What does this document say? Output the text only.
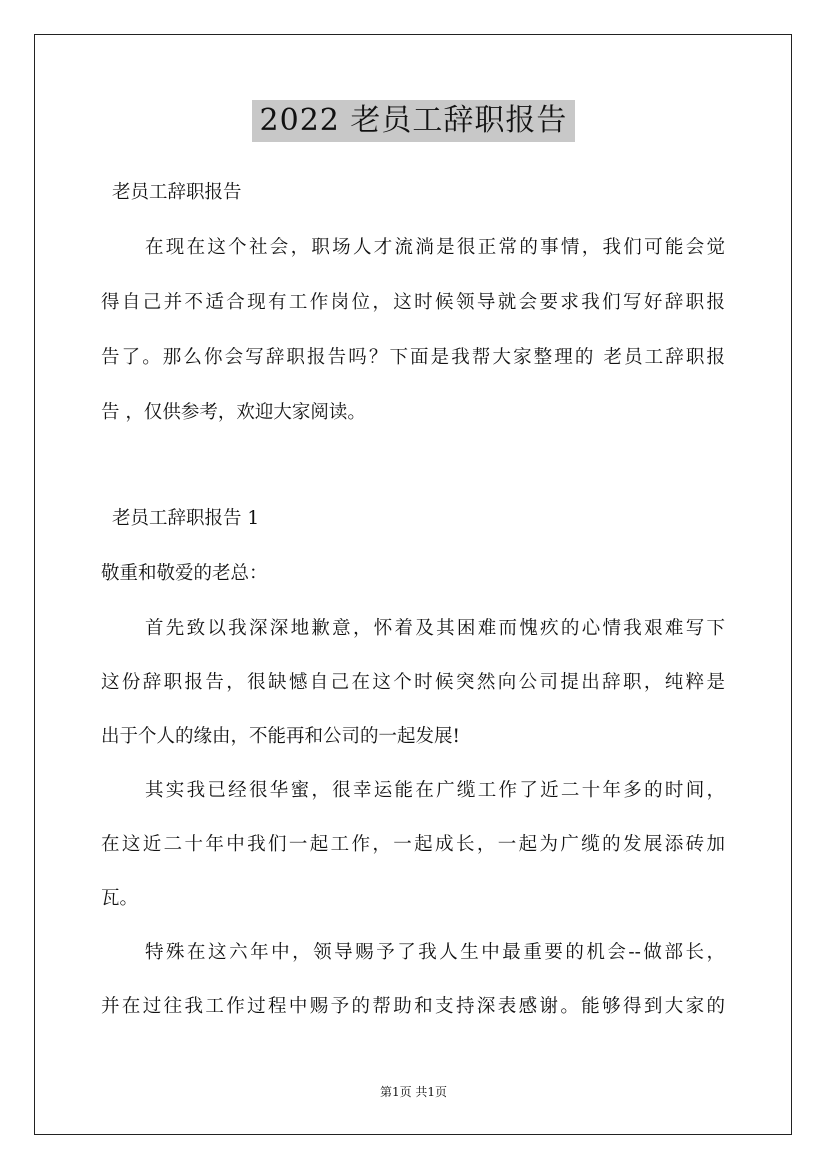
2022 老员工辞职报告
老员工辞职报告
在现在这个社会，职场人才流淌是很正常的事情，我们可能会觉
得自己并不适合现有工作岗位，这时候领导就会要求我们写好辞职报
告了。那么你会写辞职报告吗？下面是我帮大家整理的 老员工辞职报
告 ，仅供参考，欢迎大家阅读。
老员工辞职报告 1
敬重和敬爱的老总：
首先致以我深深地歉意，怀着及其困难而愧疚的心情我艰难写下
这份辞职报告，很缺憾自己在这个时候突然向公司提出辞职，纯粹是
出于个人的缘由，不能再和公司的一起发展!
其实我已经很华蜜，很幸运能在广缆工作了近二十年多的时间，
在这近二十年中我们一起工作，一起成长，一起为广缆的发展添砖加
瓦。
特殊在这六年中，领导赐予了我人生中最重要的机会--做部长，
并在过往我工作过程中赐予的帮助和支持深表感谢。能够得到大家的
第1页 共1页
